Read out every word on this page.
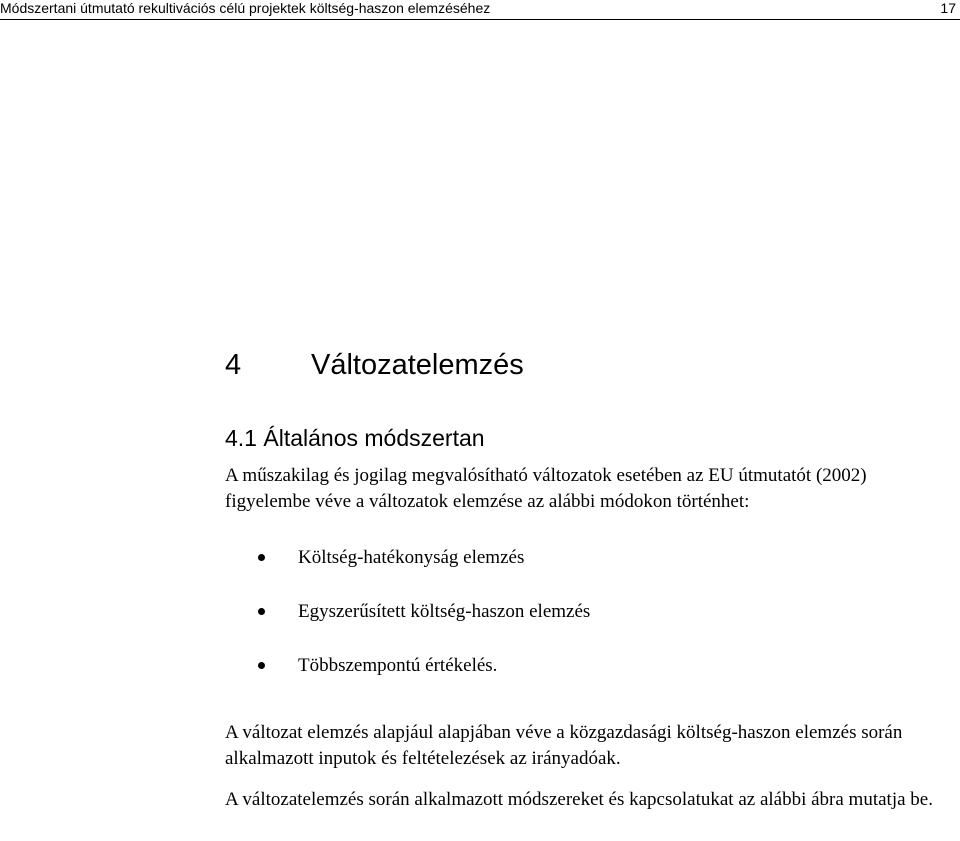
Módszertani útmutató rekultivációs célú projektek költség-haszon elemzéséhez	17
4 Változatelemzés
4.1 Általános módszertan
A műszakilag és jogilag megvalósítható változatok esetében az EU útmutatót (2002) figyelembe véve a változatok elemzése az alábbi módokon történhet:
Költség-hatékonyság elemzés
Egyszerűsített költség-haszon elemzés
Többszempontú értékelés.
A változat elemzés alapjául alapjában véve a közgazdasági költség-haszon elemzés során alkalmazott inputok és feltételezések az irányadóak.
A változatelemzés során alkalmazott módszereket és kapcsolatukat az alábbi ábra mutatja be.
